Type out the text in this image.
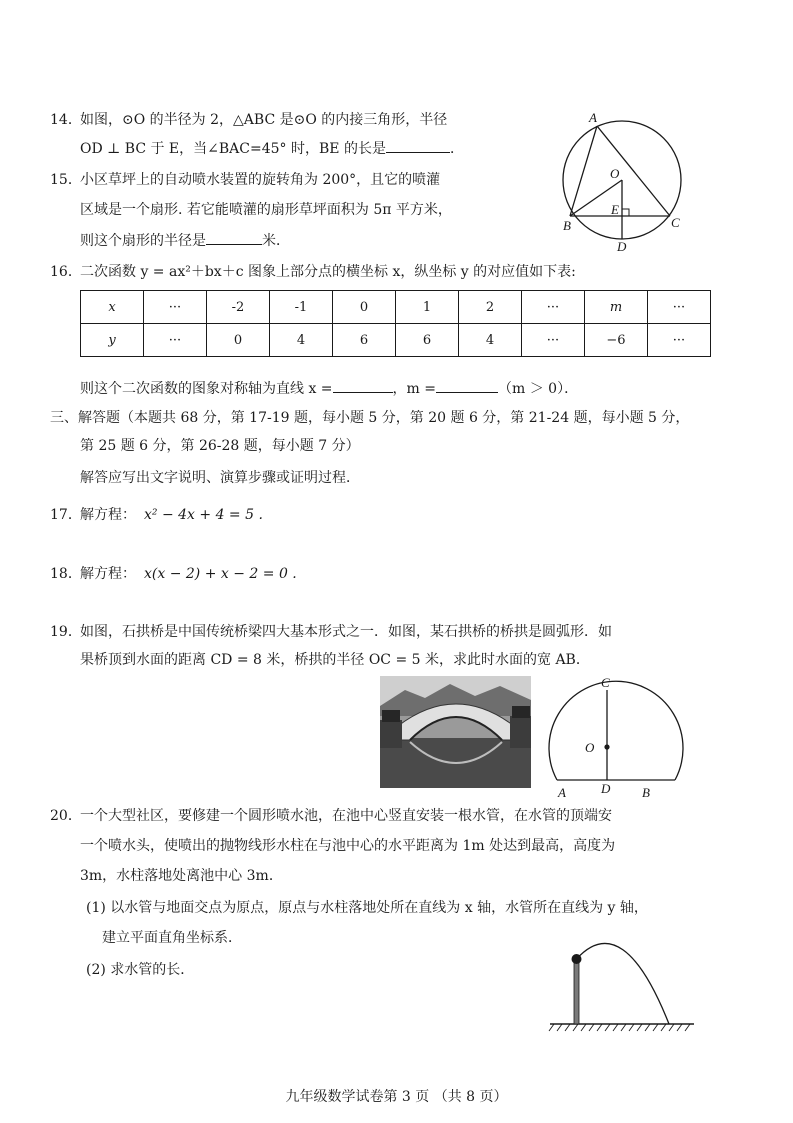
14．
如图，⊙O 的半径为 2，△ABC 是⊙O 的内接三角形，半径
OD ⊥ BC 于 E，当∠BAC=45° 时，BE 的长是	．
A
O
E
B	C
D
15．
小区草坪上的自动喷水装置的旋转角为 200°，且它的喷灌
区域是一个扇形. 若它能喷灌的扇形草坪面积为 5π 平方米，
则这个扇形的半径是	米．
16．
二次函数 y = ax²＋bx＋c 图象上部分点的横坐标 x，纵坐标 y 的对应值如下表:
x	···	-2	-1	0	1	2	···	m	···
y	···	0	4	6	6	4	···	−6	···
则这个二次函数的图象对称轴为直线 x =	，m =	（m ＞ 0）．
三、解答题（本题共 68 分，第 17-19 题，每小题 5 分，第 20 题 6 分，第 21-24 题，每小题 5 分，
第 25 题 6 分，第 26-28 题，每小题 7 分）
解答应写出文字说明、演算步骤或证明过程．
17．
解方程： x² − 4x + 4 = 5 .
18．
解方程： x(x − 2) + x − 2 = 0 .
19．
如图，石拱桥是中国传统桥梁四大基本形式之一．如图，某石拱桥的桥拱是圆弧形．如
果桥顶到水面的距离 CD = 8 米，桥拱的半径 OC = 5 米，求此时水面的宽 AB．
C
O
A	D B
20．
一个大型社区，要修建一个圆形喷水池，在池中心竖直安装一根水管，在水管的顶端安
一个喷水头，使喷出的抛物线形水柱在与池中心的水平距离为 1m 处达到最高，高度为
3m，水柱落地处离池中心 3m．
(1) 以水管与地面交点为原点，原点与水柱落地处所在直线为 x 轴，水管所在直线为 y 轴，
建立平面直角坐标系．
(2) 求水管的长．
九年级数学试卷第 3 页 （共 8 页）
